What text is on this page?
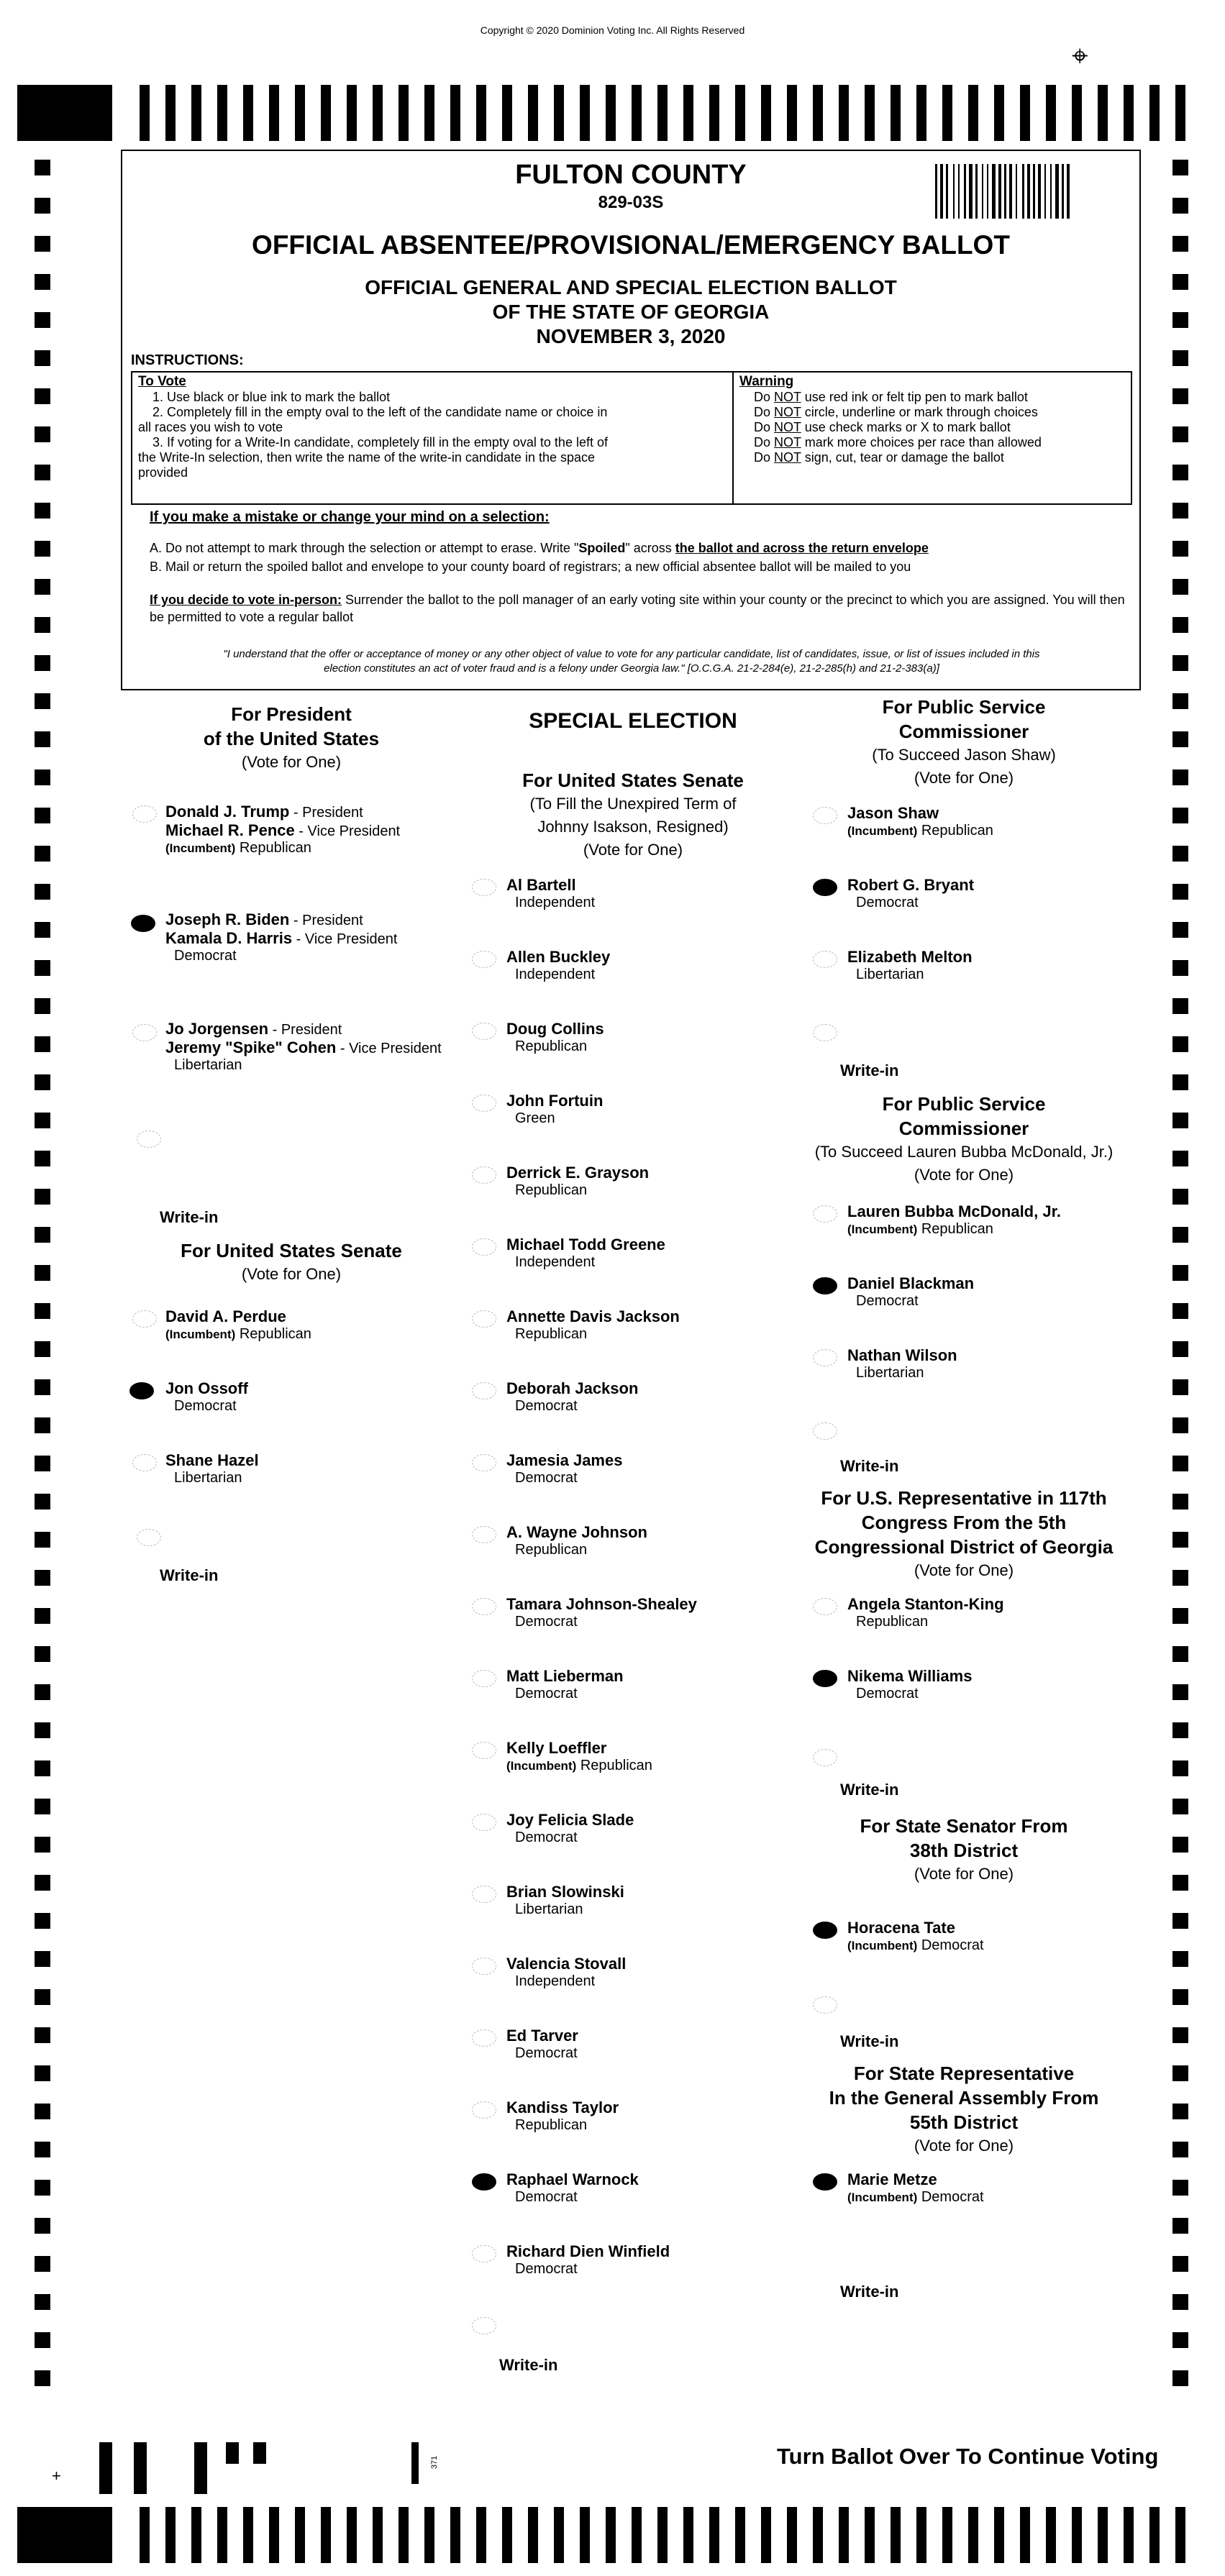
Copyright © 2020 Dominion Voting Inc. All Rights Reserved
⌖
FULTON COUNTY
829-03S
OFFICIAL ABSENTEE/PROVISIONAL/EMERGENCY BALLOT
OFFICIAL GENERAL AND SPECIAL ELECTION BALLOT
OF THE STATE OF GEORGIA
NOVEMBER 3, 2020
INSTRUCTIONS:
To Vote
1. Use black or blue ink to mark the ballot
2. Completely fill in the empty oval to the left of the candidate name or choice in
all races you wish to vote
3. If voting for a Write-In candidate, completely fill in the empty oval to the left of
the Write-In selection, then write the name of the write-in candidate in the space
provided
Warning
Do NOT use red ink or felt tip pen to mark ballot
Do NOT circle, underline or mark through choices
Do NOT use check marks or X to mark ballot
Do NOT mark more choices per race than allowed
Do NOT sign, cut, tear or damage the ballot
If you make a mistake or change your mind on a selection:
A. Do not attempt to mark through the selection or attempt to erase. Write "Spoiled" across the ballot and across the return envelope
B. Mail or return the spoiled ballot and envelope to your county board of registrars; a new official absentee ballot will be mailed to you
If you decide to vote in-person: Surrender the ballot to the poll manager of an early voting site within your county or the precinct to which you are assigned. You will then be permitted to vote a regular ballot
"I understand that the offer or acceptance of money or any other object of value to vote for any particular candidate, list of candidates, issue, or list of issues included in this
election constitutes an act of voter fraud and is a felony under Georgia law." [O.C.G.A. 21-2-284(e), 21-2-285(h) and 21-2-383(a)]
For President
of the United States
(Vote for One)
Donald J. Trump - President
Michael R. Pence - Vice President
(Incumbent) Republican
Joseph R. Biden - President
Kamala D. Harris - Vice President
Democrat
Jo Jorgensen - President
Jeremy "Spike" Cohen - Vice President
Libertarian
Write-in
For United States Senate
(Vote for One)
David A. Perdue
(Incumbent) Republican
Jon Ossoff
Democrat
Shane Hazel
Libertarian
Write-in
SPECIAL ELECTION
For United States Senate
(To Fill the Unexpired Term of
Johnny Isakson, Resigned)
(Vote for One)
Al Bartell
Independent
Allen Buckley
Independent
Doug Collins
Republican
John Fortuin
Green
Derrick E. Grayson
Republican
Michael Todd Greene
Independent
Annette Davis Jackson
Republican
Deborah Jackson
Democrat
Jamesia James
Democrat
A. Wayne Johnson
Republican
Tamara Johnson-Shealey
Democrat
Matt Lieberman
Democrat
Kelly Loeffler
(Incumbent) Republican
Joy Felicia Slade
Democrat
Brian Slowinski
Libertarian
Valencia Stovall
Independent
Ed Tarver
Democrat
Kandiss Taylor
Republican
Raphael Warnock
Democrat
Richard Dien Winfield
Democrat
Write-in
For Public Service
Commissioner
(To Succeed Jason Shaw)
(Vote for One)
Jason Shaw
(Incumbent) Republican
Robert G. Bryant
Democrat
Elizabeth Melton
Libertarian
Write-in
For Public Service
Commissioner
(To Succeed Lauren Bubba McDonald, Jr.)
(Vote for One)
Lauren Bubba McDonald, Jr.
(Incumbent) Republican
Daniel Blackman
Democrat
Nathan Wilson
Libertarian
Write-in
For U.S. Representative in 117th
Congress From the 5th
Congressional District of Georgia
(Vote for One)
Angela Stanton-King
Republican
Nikema Williams
Democrat
Write-in
For State Senator From
38th District
(Vote for One)
Horacena Tate
(Incumbent) Democrat
Write-in
For State Representative
In the General Assembly From
55th District
(Vote for One)
Marie Metze
(Incumbent) Democrat
Write-in
+
371	Turn Ballot Over To Continue Voting
